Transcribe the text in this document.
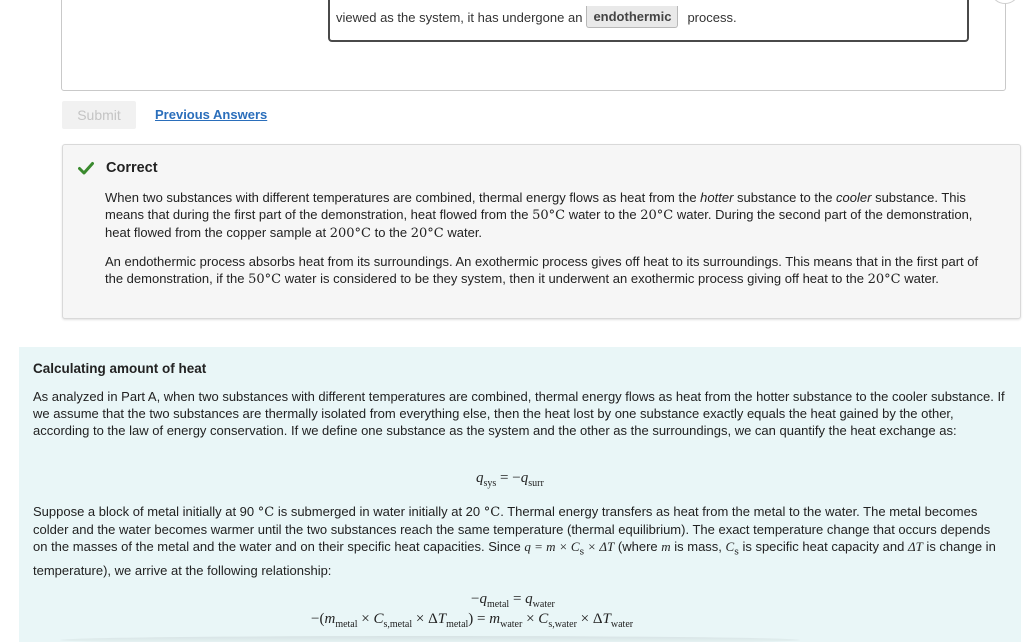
viewed as the system, it has undergone an endothermic	process.
Submit	Previous Answers
Correct
When two substances with different temperatures are combined, thermal energy flows as heat from the hotter substance to the cooler substance. This means that during the first part of the demonstration, heat flowed from the 50°C water to the 20°C water. During the second part of the demonstration, heat flowed from the copper sample at 200°C to the 20°C water.
An endothermic process absorbs heat from its surroundings. An exothermic process gives off heat to its surroundings. This means that in the first part of the demonstration, if the 50°C water is considered to be they system, then it underwent an exothermic process giving off heat to the 20°C water.
Calculating amount of heat
As analyzed in Part A, when two substances with different temperatures are combined, thermal energy flows as heat from the hotter substance to the cooler substance. If we assume that the two substances are thermally isolated from everything else, then the heat lost by one substance exactly equals the heat gained by the other, according to the law of energy conservation. If we define one substance as the system and the other as the surroundings, we can quantify the heat exchange as:
$q_{sys} = -q_{surr}$
Suppose a block of metal initially at 90 °C is submerged in water initially at 20 °C. Thermal energy transfers as heat from the metal to the water. The metal becomes colder and the water becomes warmer until the two substances reach the same temperature (thermal equilibrium). The exact temperature change that occurs depends on the masses of the metal and the water and on their specific heat capacities. Since $q = m \times C_s \times \Delta T$ (where m is mass, $C_s$ is specific heat capacity and ΔT is change in temperature), we arrive at the following relationship:
$-q_{metal} = q_{water}$
$-(m_{metal} \times C_{s,metal} \times \Delta T_{metal}) = m_{water} \times C_{s,water} \times \Delta T_{water}$
